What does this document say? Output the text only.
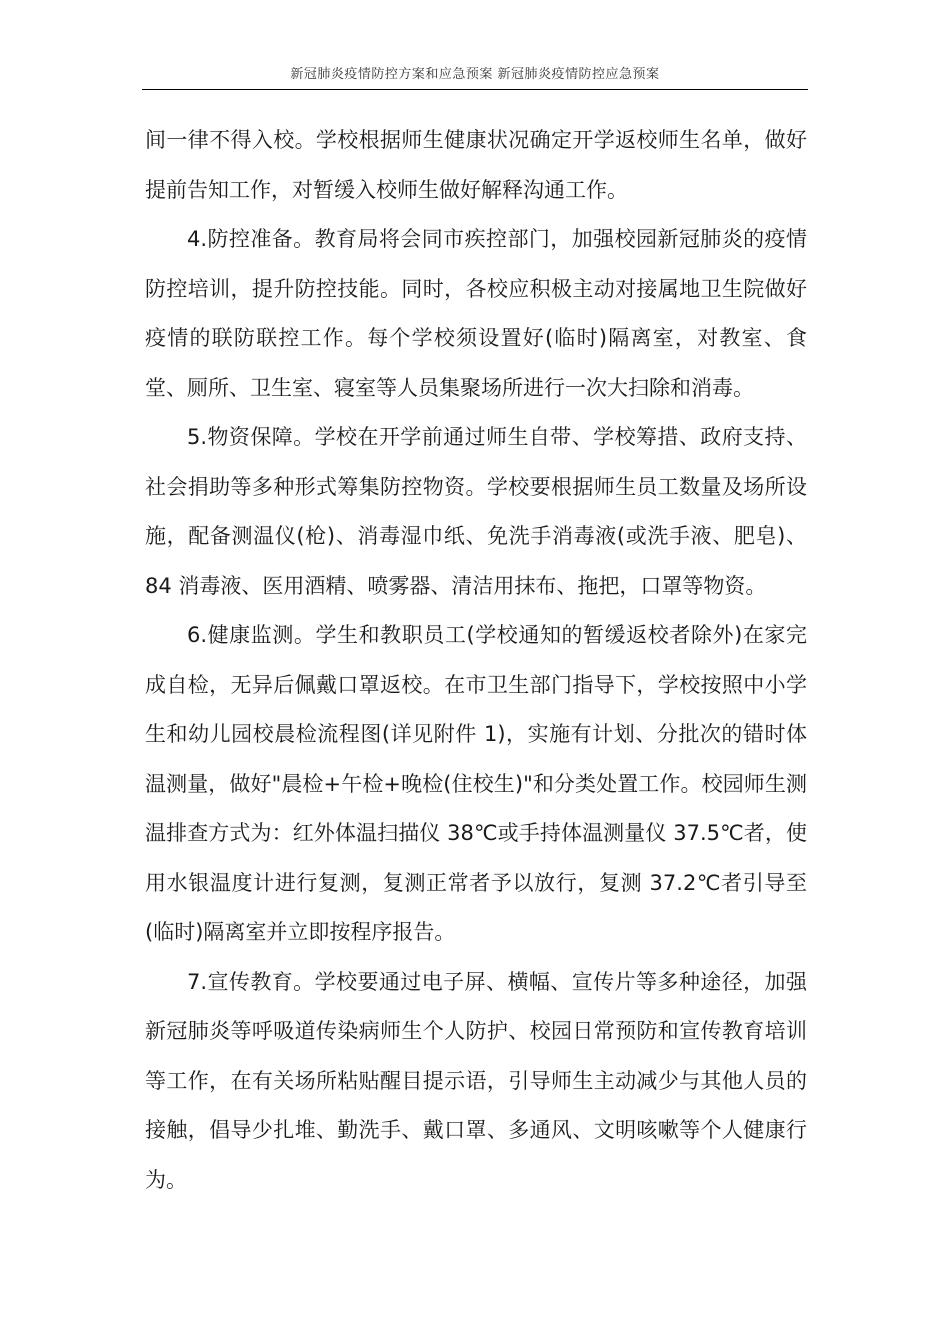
新冠肺炎疫情防控方案和应急预案 新冠肺炎疫情防控应急预案

间一律不得入校。学校根据师生健康状况确定开学返校师生名单，做好提前告知工作，对暂缓入校师生做好解释沟通工作。

4.防控准备。教育局将会同市疾控部门，加强校园新冠肺炎的疫情防控培训，提升防控技能。同时，各校应积极主动对接属地卫生院做好疫情的联防联控工作。每个学校须设置好(临时)隔离室，对教室、食堂、厕所、卫生室、寝室等人员集聚场所进行一次大扫除和消毒。

5.物资保障。学校在开学前通过师生自带、学校筹措、政府支持、社会捐助等多种形式筹集防控物资。学校要根据师生员工数量及场所设施，配备测温仪(枪)、消毒湿巾纸、免洗手消毒液(或洗手液、肥皂)、84 消毒液、医用酒精、喷雾器、清洁用抹布、拖把，口罩等物资。

6.健康监测。学生和教职员工(学校通知的暂缓返校者除外)在家完成自检，无异后佩戴口罩返校。在市卫生部门指导下，学校按照中小学生和幼儿园校晨检流程图(详见附件 1)，实施有计划、分批次的错时体温测量，做好"晨检+午检+晚检(住校生)"和分类处置工作。校园师生测温排查方式为：红外体温扫描仪 38℃或手持体温测量仪 37.5℃者，使用水银温度计进行复测，复测正常者予以放行，复测 37.2℃者引导至(临时)隔离室并立即按程序报告。

7.宣传教育。学校要通过电子屏、横幅、宣传片等多种途径，加强新冠肺炎等呼吸道传染病师生个人防护、校园日常预防和宣传教育培训等工作，在有关场所粘贴醒目提示语，引导师生主动减少与其他人员的接触，倡导少扎堆、勤洗手、戴口罩、多通风、文明咳嗽等个人健康行为。
